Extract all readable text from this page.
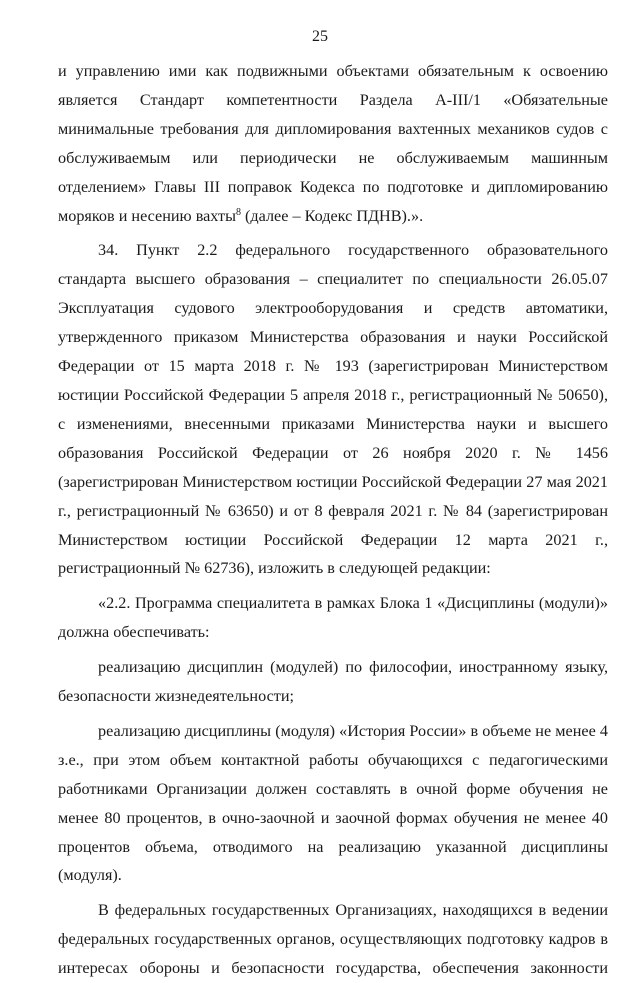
25

и управлению ими как подвижными объектами обязательным к освоению является Стандарт компетентности Раздела А-III/1 «Обязательные минимальные требования для дипломирования вахтенных механиков судов с обслуживаемым или периодически не обслуживаемым машинным отделением» Главы III поправок Кодекса по подготовке и дипломированию моряков и несению вахты$^8$ (далее – Кодекс ПДНВ).».

34. Пункт 2.2 федерального государственного образовательного стандарта высшего образования – специалитет по специальности 26.05.07 Эксплуатация судового электрооборудования и средств автоматики, утвержденного приказом Министерства образования и науки Российской Федерации от 15 марта 2018 г. № 193 (зарегистрирован Министерством юстиции Российской Федерации 5 апреля 2018 г., регистрационный № 50650), с изменениями, внесенными приказами Министерства науки и высшего образования Российской Федерации от 26 ноября 2020 г. № 1456 (зарегистрирован Министерством юстиции Российской Федерации 27 мая 2021 г., регистрационный № 63650) и от 8 февраля 2021 г. № 84 (зарегистрирован Министерством юстиции Российской Федерации 12 марта 2021 г., регистрационный № 62736), изложить в следующей редакции:

«2.2. Программа специалитета в рамках Блока 1 «Дисциплины (модули)» должна обеспечивать:

реализацию дисциплин (модулей) по философии, иностранному языку, безопасности жизнедеятельности;

реализацию дисциплины (модуля) «История России» в объеме не менее 4 з.е., при этом объем контактной работы обучающихся с педагогическими работниками Организации должен составлять в очной форме обучения не менее 80 процентов, в очно-заочной и заочной формах обучения не менее 40 процентов объема, отводимого на реализацию указанной дисциплины (модуля).

В федеральных государственных Организациях, находящихся в ведении федеральных государственных органов, осуществляющих подготовку кадров в интересах обороны и безопасности государства, обеспечения законности
